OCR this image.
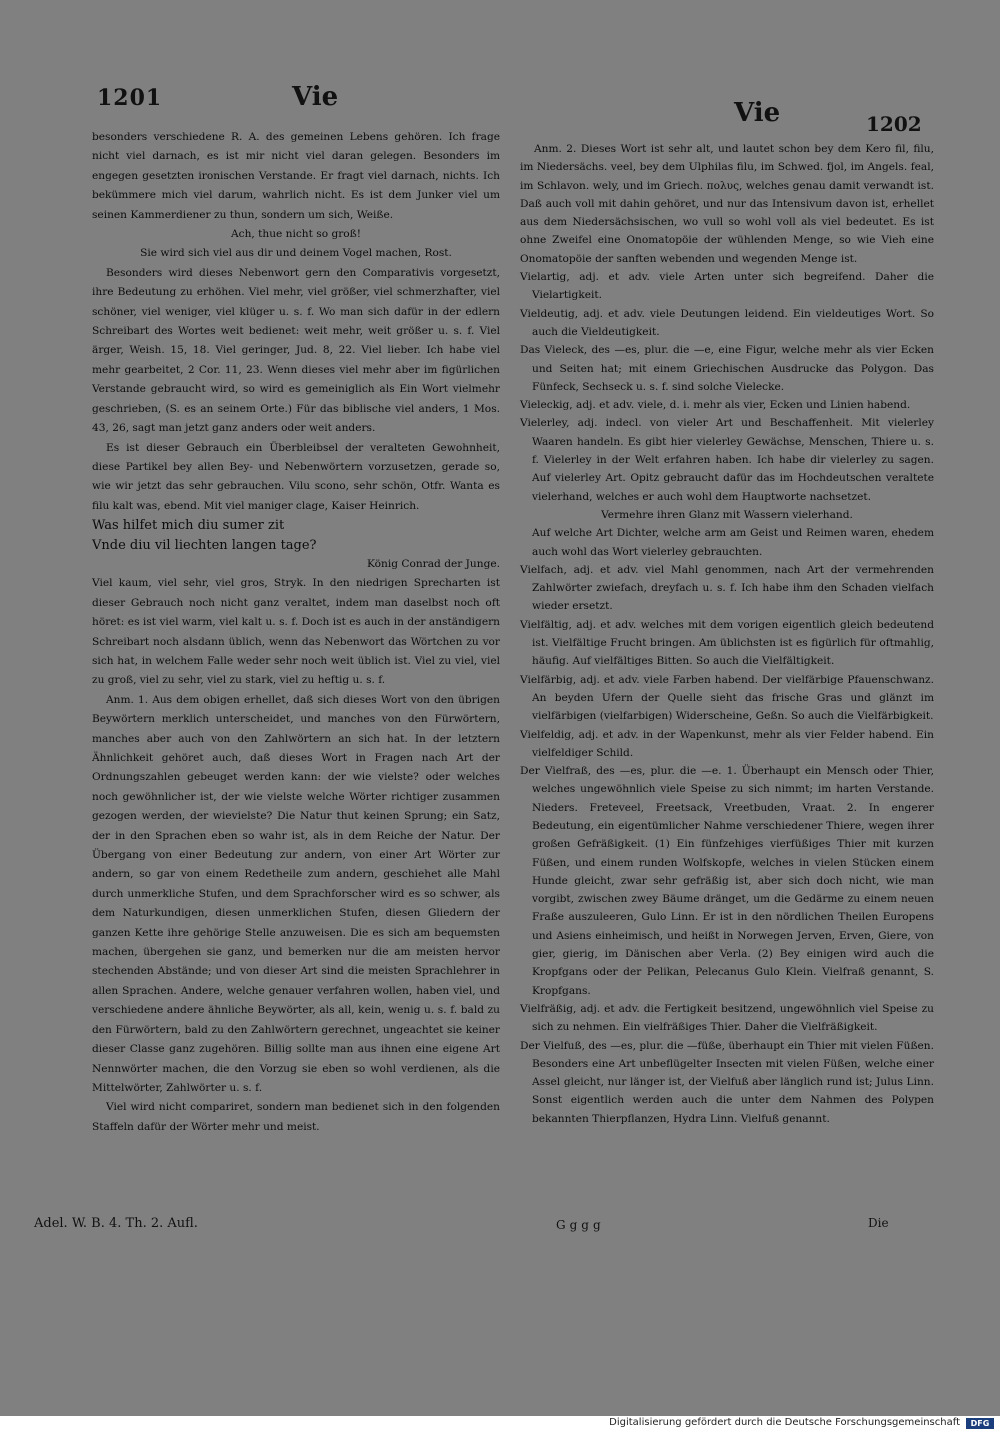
1201	Vie
Vie	1202

besonders verschiedene R. A. des gemeinen Lebens gehören. Ich frage nicht viel darnach, es ist mir nicht viel daran gelegen. Besonders im engegen gesetzten ironischen Verstande. Er fragt viel darnach, nichts. Ich bekümmere mich viel darum, wahrlich nicht. Es ist dem Junker viel um seinen Kammerdiener zu thun, sondern um sich, Weiße.

Ach, thue nicht so groß!

Sie wird sich viel aus dir und deinem Vogel machen, Rost.

Besonders wird dieses Nebenwort gern den Comparativis vorgesetzt, ihre Bedeutung zu erhöhen. Viel mehr, viel größer, viel schmerzhafter, viel schöner, viel weniger, viel klüger u. s. f. Wo man sich dafür in der edlern Schreibart des Wortes weit bedienet: weit mehr, weit größer u. s. f. Viel ärger, Weish. 15, 18. Viel geringer, Jud. 8, 22. Viel lieber. Ich habe viel mehr gearbeitet, 2 Cor. 11, 23. Wenn dieses viel mehr aber im figürlichen Verstande gebraucht wird, so wird es gemeiniglich als Ein Wort vielmehr geschrieben, (S. es an seinem Orte.) Für das biblische viel anders, 1 Mos. 43, 26, sagt man jetzt ganz anders oder weit anders.

Es ist dieser Gebrauch ein Überbleibsel der veralteten Gewohnheit, diese Partikel bey allen Bey- und Nebenwörtern vorzusetzen, gerade so, wie wir jetzt das sehr gebrauchen. Vilu scono, sehr schön, Otfr. Wanta es filu kalt was, ebend. Mit viel maniger clage, Kaiser Heinrich.

Was hilfet mich diu sumer zit

Vnde diu vil liechten langen tage?

König Conrad der Junge.

Viel kaum, viel sehr, viel gros, Stryk. In den niedrigen Sprecharten ist dieser Gebrauch noch nicht ganz veraltet, indem man daselbst noch oft höret: es ist viel warm, viel kalt u. s. f. Doch ist es auch in der anständigern Schreibart noch alsdann üblich, wenn das Nebenwort das Wörtchen zu vor sich hat, in welchem Falle weder sehr noch weit üblich ist. Viel zu viel, viel zu groß, viel zu sehr, viel zu stark, viel zu heftig u. s. f.

Anm. 1. Aus dem obigen erhellet, daß sich dieses Wort von den übrigen Beywörtern merklich unterscheidet, und manches von den Fürwörtern, manches aber auch von den Zahlwörtern an sich hat. In der letztern Ähnlichkeit gehöret auch, daß dieses Wort in Fragen nach Art der Ordnungszahlen gebeuget werden kann: der wie vielste? oder welches noch gewöhnlicher ist, der wie vielste welche Wörter richtiger zusammen gezogen werden, der wievielste? Die Natur thut keinen Sprung; ein Satz, der in den Sprachen eben so wahr ist, als in dem Reiche der Natur. Der Übergang von einer Bedeutung zur andern, von einer Art Wörter zur andern, so gar von einem Redetheile zum andern, geschiehet alle Mahl durch unmerkliche Stufen, und dem Sprachforscher wird es so schwer, als dem Naturkundigen, diesen unmerklichen Stufen, diesen Gliedern der ganzen Kette ihre gehörige Stelle anzuweisen. Die es sich am bequemsten machen, übergehen sie ganz, und bemerken nur die am meisten hervor stechenden Abstände; und von dieser Art sind die meisten Sprachlehrer in allen Sprachen. Andere, welche genauer verfahren wollen, haben viel, und verschiedene andere ähnliche Beywörter, als all, kein, wenig u. s. f. bald zu den Fürwörtern, bald zu den Zahlwörtern gerechnet, ungeachtet sie keiner dieser Classe ganz zugehören. Billig sollte man aus ihnen eine eigene Art Nennwörter machen, die den Vorzug sie eben so wohl verdienen, als die Mittelwörter, Zahlwörter u. s. f.

Viel wird nicht compariret, sondern man bedienet sich in den folgenden Staffeln dafür der Wörter mehr und meist.

Anm. 2. Dieses Wort ist sehr alt, und lautet schon bey dem Kero fil, filu, im Niedersächs. veel, bey dem Ulphilas filu, im Schwed. fjol, im Angels. feal, im Schlavon. wely, und im Griech. πολυς, welches genau damit verwandt ist. Daß auch voll mit dahin gehöret, und nur das Intensivum davon ist, erhellet aus dem Niedersächsischen, wo vull so wohl voll als viel bedeutet. Es ist ohne Zweifel eine Onomatopöie der wühlenden Menge, so wie Vieh eine Onomatopöie der sanften webenden und wegenden Menge ist.

Vielartig, adj. et adv. viele Arten unter sich begreifend. Daher die Vielartigkeit.

Vieldeutig, adj. et adv. viele Deutungen leidend. Ein vieldeutiges Wort. So auch die Vieldeutigkeit.

Das Vieleck, des —es, plur. die —e, eine Figur, welche mehr als vier Ecken und Seiten hat; mit einem Griechischen Ausdrucke das Polygon. Das Fünfeck, Sechseck u. s. f. sind solche Vielecke.

Vieleckig, adj. et adv. viele, d. i. mehr als vier, Ecken und Linien habend.

Vielerley, adj. indecl. von vieler Art und Beschaffenheit. Mit vielerley Waaren handeln. Es gibt hier vielerley Gewächse, Menschen, Thiere u. s. f. Vielerley in der Welt erfahren haben. Ich habe dir vielerley zu sagen. Auf vielerley Art. Opitz gebraucht dafür das im Hochdeutschen veraltete vielerhand, welches er auch wohl dem Hauptworte nachsetzet.

Vermehre ihren Glanz mit Wassern vielerhand.

Auf welche Art Dichter, welche arm am Geist und Reimen waren, ehedem auch wohl das Wort vielerley gebrauchten.

Vielfach, adj. et adv. viel Mahl genommen, nach Art der vermehrenden Zahlwörter zwiefach, dreyfach u. s. f. Ich habe ihm den Schaden vielfach wieder ersetzt.

Vielfältig, adj. et adv. welches mit dem vorigen eigentlich gleich bedeutend ist. Vielfältige Frucht bringen. Am üblichsten ist es figürlich für oftmahlig, häufig. Auf vielfältiges Bitten. So auch die Vielfältigkeit.

Vielfärbig, adj. et adv. viele Farben habend. Der vielfärbige Pfauenschwanz. An beyden Ufern der Quelle sieht das frische Gras und glänzt im vielfärbigen (vielfarbigen) Widerscheine, Geßn. So auch die Vielfärbigkeit.

Vielfeldig, adj. et adv. in der Wapenkunst, mehr als vier Felder habend. Ein vielfeldiger Schild.

Der Vielfraß, des —es, plur. die —e. 1. Überhaupt ein Mensch oder Thier, welches ungewöhnlich viele Speise zu sich nimmt; im harten Verstande. Nieders. Freteveel, Freetsack, Vreetbuden, Vraat. 2. In engerer Bedeutung, ein eigentümlicher Nahme verschiedener Thiere, wegen ihrer großen Gefräßigkeit. (1) Ein fünfzehiges vierfüßiges Thier mit kurzen Füßen, und einem runden Wolfskopfe, welches in vielen Stücken einem Hunde gleicht, zwar sehr gefräßig ist, aber sich doch nicht, wie man vorgibt, zwischen zwey Bäume dränget, um die Gedärme zu einem neuen Fraße auszuleeren, Gulo Linn. Er ist in den nördlichen Theilen Europens und Asiens einheimisch, und heißt in Norwegen Jerven, Erven, Giere, von gier, gierig, im Dänischen aber Verla. (2) Bey einigen wird auch die Kropfgans oder der Pelikan, Pelecanus Gulo Klein. Vielfraß genannt, S. Kropfgans.

Vielfräßig, adj. et adv. die Fertigkeit besitzend, ungewöhnlich viel Speise zu sich zu nehmen. Ein vielfräßiges Thier. Daher die Vielfräßigkeit.

Der Vielfuß, des —es, plur. die —füße, überhaupt ein Thier mit vielen Füßen. Besonders eine Art unbeflügelter Insecten mit vielen Füßen, welche einer Assel gleicht, nur länger ist, der Vielfuß aber länglich rund ist; Julus Linn. Sonst eigentlich werden auch die unter dem Nahmen des Polypen bekannten Thierpflanzen, Hydra Linn. Vielfuß genannt.

Adel. W. B. 4. Th. 2. Aufl.	Gggg	Die
Digitalisierung gefördert durch die Deutsche Forschungsgemeinschaft	DFG
